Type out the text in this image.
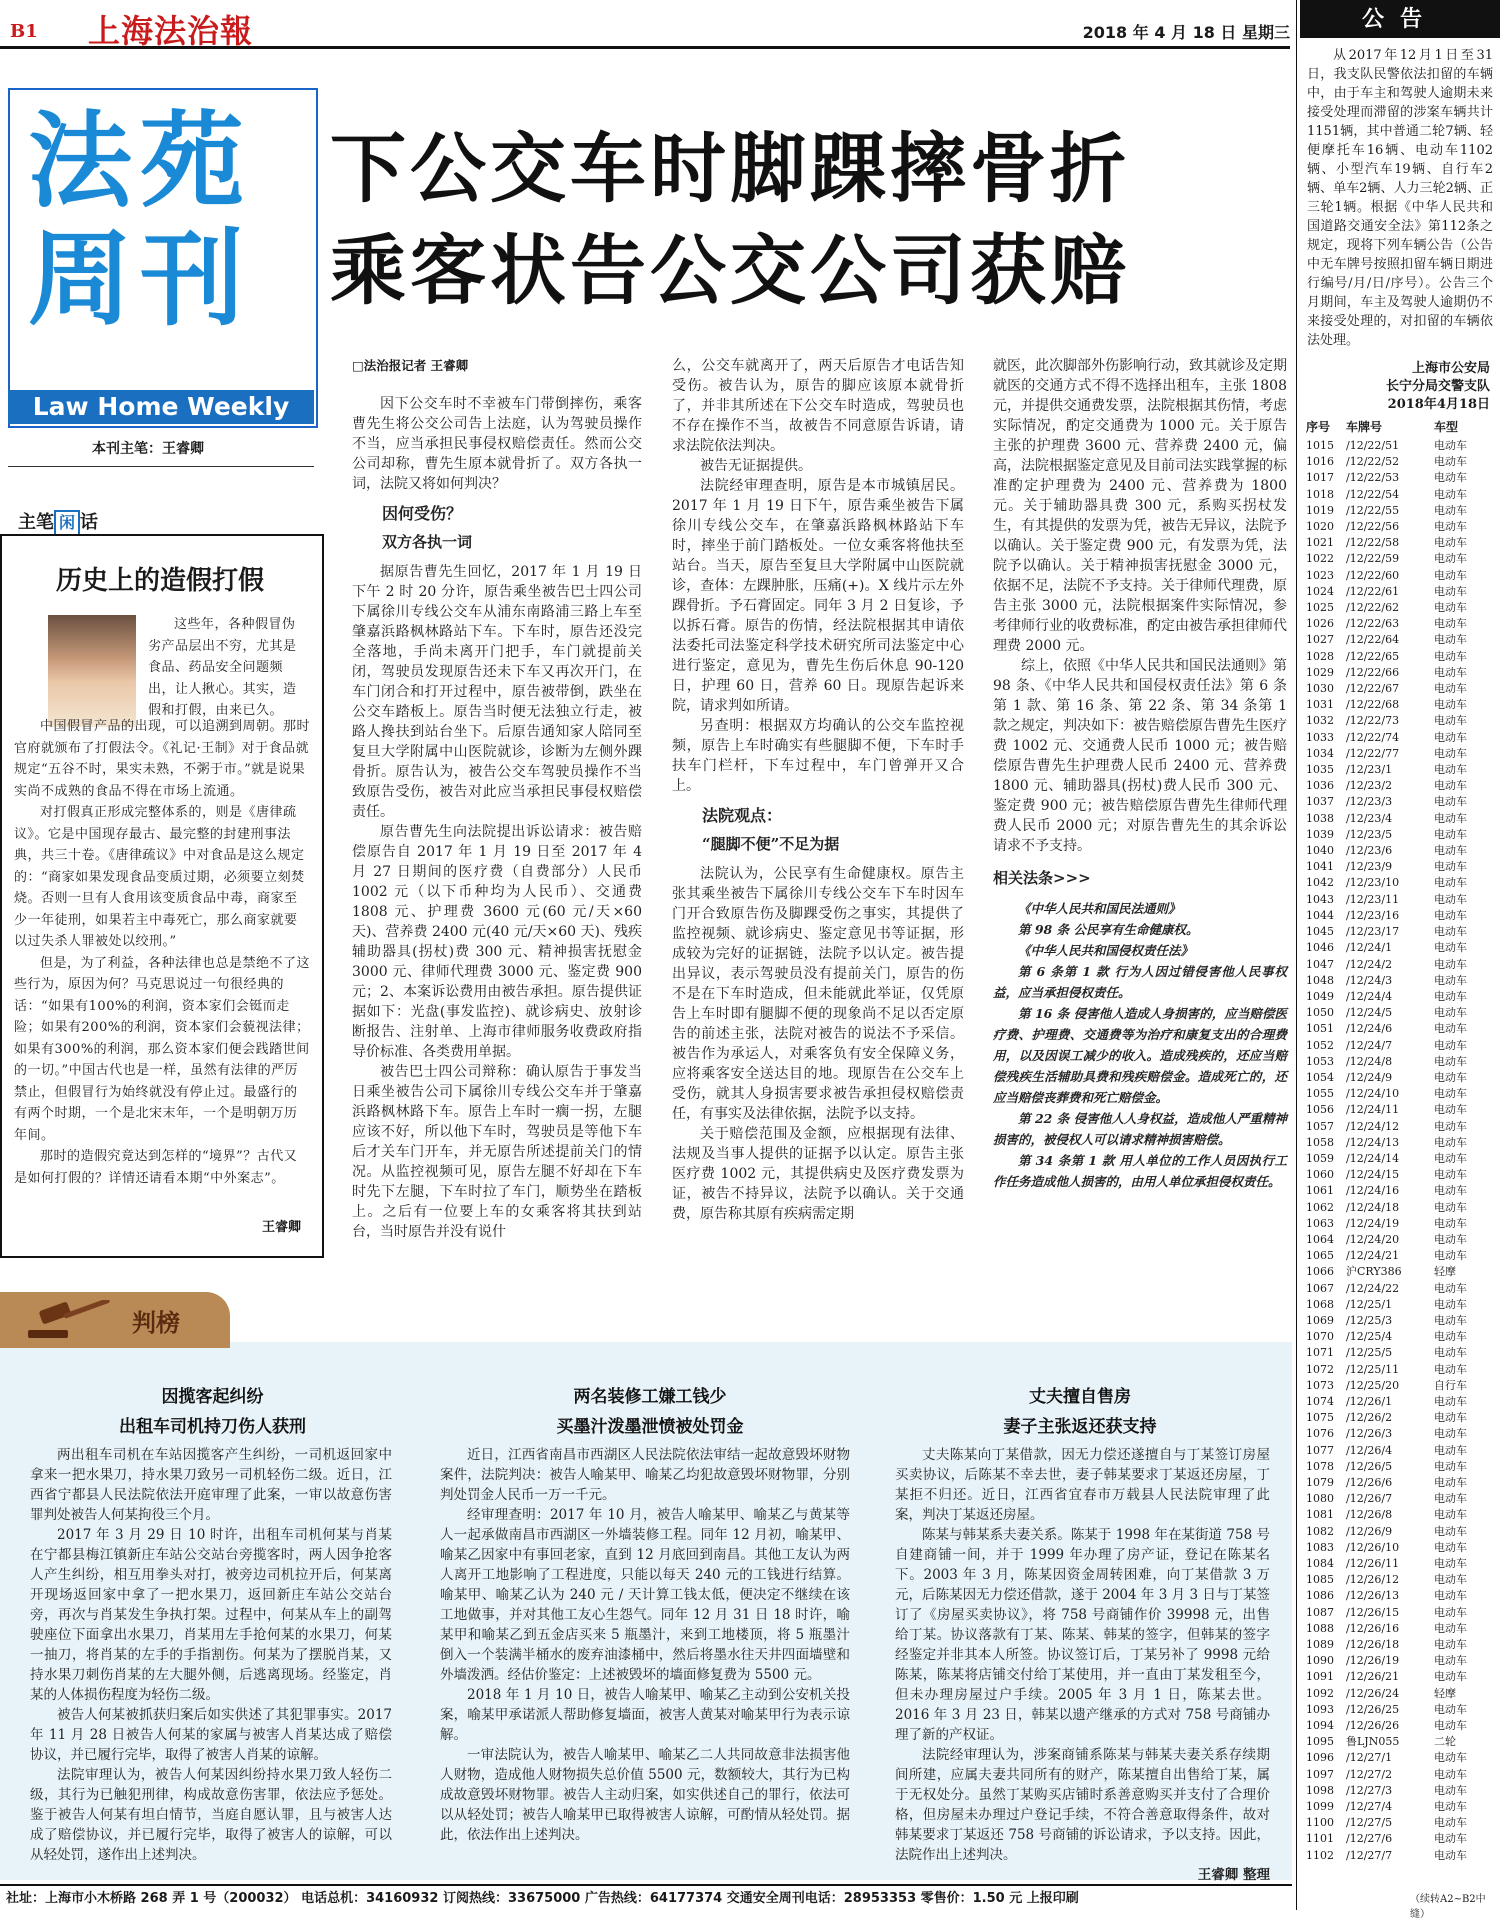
B1 上海法治報	2018 年 4 月 18 日 星期三
法苑
周刊
Law Home Weekly
本刊主笔：王睿卿
下公交车时脚踝摔骨折
乘客状告公交公司获赔
主笔 闲 话
历史上的造假打假
这些年，各种假冒伪劣产品层出不穷，尤其是食品、药品安全问题频出，让人揪心。其实，造假和打假，由来已久。

中国假冒产品的出现，可以追溯到周朝。那时官府就颁布了打假法令。《礼记·王制》对于食品就规定“五谷不时，果实未熟，不粥于市。”就是说果实尚不成熟的食品不得在市场上流通。

对打假真正形成完整体系的，则是《唐律疏议》。它是中国现存最古、最完整的封建刑事法典，共三十卷。《唐律疏议》中对食品是这么规定的：“商家如果发现食品变质过期，必须要立刻焚烧。否则一旦有人食用该变质食品中毒，商家至少一年徒刑，如果若主中毒死亡，那么商家就要以过失杀人罪被处以绞刑。”

但是，为了利益，各种法律也总是禁绝不了这些行为，原因为何？马克思说过一句很经典的话：“如果有100%的利润，资本家们会铤而走险；如果有200%的利润，资本家们会藐视法律；如果有300%的利润，那么资本家们便会践踏世间的一切。”中国古代也是一样，虽然有法律的严厉禁止，但假冒行为始终就没有停止过。最盛行的有两个时期，一个是北宋末年，一个是明朝万历年间。

那时的造假究竟达到怎样的“境界”？古代又是如何打假的？详情还请看本期“中外案志”。

王睿卿
□法治报记者 王睿卿

因下公交车时不幸被车门带倒摔伤，乘客曹先生将公交公司告上法庭，认为驾驶员操作不当，应当承担民事侵权赔偿责任。然而公交公司却称，曹先生原本就骨折了。双方各执一词，法院又将如何判决？

因何受伤？

双方各执一词

据原告曹先生回忆，2017 年 1 月 19 日下午 2 时 20 分许，原告乘坐被告巴士四公司下属徐川专线公交车从浦东南路浦三路上车至肇嘉浜路枫林路站下车。下车时，原告还没完全落地，手尚未离开门把手，车门就提前关闭，驾驶员发现原告还未下车又再次开门，在车门闭合和打开过程中，原告被带倒，跌坐在公交车踏板上。原告当时便无法独立行走，被路人搀扶到站台坐下。后原告通知家人陪同至复旦大学附属中山医院就诊，诊断为左侧外踝骨折。原告认为，被告公交车驾驶员操作不当致原告受伤，被告对此应当承担民事侵权赔偿责任。

原告曹先生向法院提出诉讼请求：被告赔偿原告自 2017 年 1 月 19 日至 2017 年 4 月 27 日期间的医疗费（自费部分）人民币 1002 元（以下币种均为人民币）、交通费 1808 元、护理费 3600 元(60 元/天×60 天)、营养费 2400 元(40 元/天×60 天)、残疾辅助器具(拐杖)费 300 元、精神损害抚慰金 3000 元、律师代理费 3000 元、鉴定费 900 元；2、本案诉讼费用由被告承担。原告提供证据如下：光盘(事发监控)、就诊病史、放射诊断报告、注射单、上海市律师服务收费政府指导价标准、各类费用单据。

被告巴士四公司辩称：确认原告于事发当日乘坐被告公司下属徐川专线公交车并于肇嘉浜路枫林路下车。原告上车时一瘸一拐，左腿应该不好，所以他下车时，驾驶员是等他下车后才关车门开车，并无原告所述提前关门的情况。从监控视频可见，原告左腿不好却在下车时先下左腿，下车时拉了车门，顺势坐在踏板上。之后有一位要上车的女乘客将其扶到站台，当时原告并没有说什

么，公交车就离开了，两天后原告才电话告知受伤。被告认为，原告的脚应该原本就骨折了，并非其所述在下公交车时造成，驾驶员也不存在操作不当，故被告不同意原告诉请，请求法院依法判决。

被告无证据提供。

法院经审理查明，原告是本市城镇居民。2017 年 1 月 19 日下午，原告乘坐被告下属徐川专线公交车，在肇嘉浜路枫林路站下车时，摔坐于前门踏板处。一位女乘客将他扶至站台。当天，原告至复旦大学附属中山医院就诊，查体：左踝肿胀，压痛(+)。X 线片示左外踝骨折。予石膏固定。同年 3 月 2 日复诊，予以拆石膏。原告的伤情，经法院根据其申请依法委托司法鉴定科学技术研究所司法鉴定中心进行鉴定，意见为，曹先生伤后休息 90-120 日，护理 60 日，营养 60 日。现原告起诉来院，请求判如所请。

另查明：根据双方均确认的公交车监控视频，原告上车时确实有些腿脚不便，下车时手扶车门栏杆，下车过程中，车门曾弹开又合上。

法院观点：

“腿脚不便”不足为据

法院认为，公民享有生命健康权。原告主张其乘坐被告下属徐川专线公交车下车时因车门开合致原告伤及脚踝受伤之事实，其提供了监控视频、就诊病史、鉴定意见书等证据，形成较为完好的证据链，法院予以认定。被告提出异议，表示驾驶员没有提前关门，原告的伤不是在下车时造成，但未能就此举证，仅凭原告上车时即有腿脚不便的现象尚不足以否定原告的前述主张，法院对被告的说法不予采信。被告作为承运人，对乘客负有安全保障义务，应将乘客安全送达目的地。现原告在公交车上受伤，就其人身损害要求被告承担侵权赔偿责任，有事实及法律依据，法院予以支持。

关于赔偿范围及金额，应根据现有法律、法规及当事人提供的证据予以认定。原告主张医疗费 1002 元，其提供病史及医疗费发票为证，被告不持异议，法院予以确认。关于交通费，原告称其原有疾病需定期

就医，此次脚部外伤影响行动，致其就诊及定期就医的交通方式不得不选择出租车，主张 1808 元，并提供交通费发票，法院根据其伤情，考虑实际情况，酌定交通费为 1000 元。关于原告主张的护理费 3600 元、营养费 2400 元，偏高，法院根据鉴定意见及目前司法实践掌握的标准酌定护理费为 2400 元、营养费为 1800 元。关于辅助器具费 300 元，系购买拐杖发生，有其提供的发票为凭，被告无异议，法院予以确认。关于鉴定费 900 元，有发票为凭，法院予以确认。关于精神损害抚慰金 3000 元，依据不足，法院不予支持。关于律师代理费，原告主张 3000 元，法院根据案件实际情况，参考律师行业的收费标准，酌定由被告承担律师代理费 2000 元。

综上，依照《中华人民共和国民法通则》第 98 条、《中华人民共和国侵权责任法》第 6 条第 1 款、第 16 条、第 22 条、第 34 条第 1 款之规定，判决如下：被告赔偿原告曹先生医疗费 1002 元、交通费人民币 1000 元；被告赔偿原告曹先生护理费人民币 2400 元、营养费 1800 元、辅助器具(拐杖)费人民币 300 元、鉴定费 900 元；被告赔偿原告曹先生律师代理费人民币 2000 元；对原告曹先生的其余诉讼请求不予支持。

相关法条>>>

《中华人民共和国民法通则》

第 98 条 公民享有生命健康权。

《中华人民共和国侵权责任法》

第 6 条第 1 款 行为人因过错侵害他人民事权益，应当承担侵权责任。

第 16 条 侵害他人造成人身损害的，应当赔偿医疗费、护理费、交通费等为治疗和康复支出的合理费用，以及因误工减少的收入。造成残疾的，还应当赔偿残疾生活辅助具费和残疾赔偿金。造成死亡的，还应当赔偿丧葬费和死亡赔偿金。

第 22 条 侵害他人人身权益，造成他人严重精神损害的，被侵权人可以请求精神损害赔偿。

第 34 条第 1 款 用人单位的工作人员因执行工作任务造成他人损害的，由用人单位承担侵权责任。

公告
从2017年12月1日至31日，我支队民警依法扣留的车辆中，由于车主和驾驶人逾期未来接受处理而滞留的涉案车辆共计1151辆，其中普通二轮7辆、轻便摩托车16辆、电动车1102辆、小型汽车19辆、自行车2辆、单车2辆、人力三轮2辆、正三轮1辆。根据《中华人民共和国道路交通安全法》第112条之规定，现将下列车辆公告（公告中无车牌号按照扣留车辆日期进行编号/月/日/序号）。公告三个月期间，车主及驾驶人逾期仍不来接受处理的，对扣留的车辆依法处理。
上海市公安局
长宁分局交警支队
2018年4月18日
序号	车牌号	车型
1015	/12/22/51	电动车
1016	/12/22/52	电动车
1017	/12/22/53	电动车
1018	/12/22/54	电动车
1019	/12/22/55	电动车
1020	/12/22/56	电动车
1021	/12/22/58	电动车
1022	/12/22/59	电动车
1023	/12/22/60	电动车
1024	/12/22/61	电动车
1025	/12/22/62	电动车
1026	/12/22/63	电动车
1027	/12/22/64	电动车
1028	/12/22/65	电动车
1029	/12/22/66	电动车
1030	/12/22/67	电动车
1031	/12/22/68	电动车
1032	/12/22/73	电动车
1033	/12/22/74	电动车
1034	/12/22/77	电动车
1035	/12/23/1	电动车
1036	/12/23/2	电动车
1037	/12/23/3	电动车
1038	/12/23/4	电动车
1039	/12/23/5	电动车
1040	/12/23/6	电动车
1041	/12/23/9	电动车
1042	/12/23/10	电动车
1043	/12/23/11	电动车
1044	/12/23/16	电动车
1045	/12/23/17	电动车
1046	/12/24/1	电动车
1047	/12/24/2	电动车
1048	/12/24/3	电动车
1049	/12/24/4	电动车
1050	/12/24/5	电动车
1051	/12/24/6	电动车
1052	/12/24/7	电动车
1053	/12/24/8	电动车
1054	/12/24/9	电动车
1055	/12/24/10	电动车
1056	/12/24/11	电动车
1057	/12/24/12	电动车
1058	/12/24/13	电动车
1059	/12/24/14	电动车
1060	/12/24/15	电动车
1061	/12/24/16	电动车
1062	/12/24/18	电动车
1063	/12/24/19	电动车
1064	/12/24/20	电动车
1065	/12/24/21	电动车
1066	沪CRY386	轻摩
1067	/12/24/22	电动车
1068	/12/25/1	电动车
1069	/12/25/3	电动车
1070	/12/25/4	电动车
1071	/12/25/5	电动车
1072	/12/25/11	电动车
1073	/12/25/20	自行车
1074	/12/26/1	电动车
1075	/12/26/2	电动车
1076	/12/26/3	电动车
1077	/12/26/4	电动车
1078	/12/26/5	电动车
1079	/12/26/6	电动车
1080	/12/26/7	电动车
1081	/12/26/8	电动车
1082	/12/26/9	电动车
1083	/12/26/10	电动车
1084	/12/26/11	电动车
1085	/12/26/12	电动车
1086	/12/26/13	电动车
1087	/12/26/15	电动车
1088	/12/26/16	电动车
1089	/12/26/18	电动车
1090	/12/26/19	电动车
1091	/12/26/21	电动车
1092	/12/26/24	轻摩
1093	/12/26/25	电动车
1094	/12/26/26	电动车
1095	鲁LJN055	二轮
1096	/12/27/1	电动车
1097	/12/27/2	电动车
1098	/12/27/3	电动车
1099	/12/27/4	电动车
1100	/12/27/5	电动车
1101	/12/27/6	电动车
1102	/12/27/7	电动车
（续转A2~B2中缝）
判榜
因揽客起纠纷
出租车司机持刀伤人获刑

两出租车司机在车站因揽客产生纠纷，一司机返回家中拿来一把水果刀，持水果刀致另一司机轻伤二级。近日，江西省宁都县人民法院依法开庭审理了此案，一审以故意伤害罪判处被告人何某拘役三个月。

2017 年 3 月 29 日 10 时许，出租车司机何某与肖某在宁都县梅江镇新庄车站公交站台旁揽客时，两人因争抢客人产生纠纷，相互用拳头对打，被旁边司机拉开后，何某离开现场返回家中拿了一把水果刀，返回新庄车站公交站台旁，再次与肖某发生争执打架。过程中，何某从车上的副驾驶座位下面拿出水果刀，肖某用左手抢何某的水果刀，何某一抽刀，将肖某的左手的手指割伤。何某为了摆脱肖某，又持水果刀刺伤肖某的左大腿外侧，后逃离现场。经鉴定，肖某的人体损伤程度为轻伤二级。

被告人何某被抓获归案后如实供述了其犯罪事实。2017 年 11 月 28 日被告人何某的家属与被害人肖某达成了赔偿协议，并已履行完毕，取得了被害人肖某的谅解。

法院审理认为，被告人何某因纠纷持水果刀致人轻伤二级，其行为已触犯刑律，构成故意伤害罪，依法应予惩处。鉴于被告人何某有坦白情节，当庭自愿认罪，且与被害人达成了赔偿协议，并已履行完毕，取得了被害人的谅解，可以从轻处罚，遂作出上述判决。

两名装修工嫌工钱少
买墨汁泼墨泄愤被处罚金

近日，江西省南昌市西湖区人民法院依法审结一起故意毁坏财物案件，法院判决：被告人喻某甲、喻某乙均犯故意毁坏财物罪，分别判处罚金人民币一万一千元。

经审理查明：2017 年 10 月，被告人喻某甲、喻某乙与黄某等人一起承做南昌市西湖区一外墙装修工程。同年 12 月初，喻某甲、喻某乙因家中有事回老家，直到 12 月底回到南昌。其他工友认为两人离开工地影响了工程进度，只能以每天 240 元的工钱进行结算。喻某甲、喻某乙认为 240 元 / 天计算工钱太低，便决定不继续在该工地做事，并对其他工友心生怨气。同年 12 月 31 日 18 时许，喻某甲和喻某乙到五金店买来 5 瓶墨汁，来到工地楼顶，将 5 瓶墨汁倒入一个装满半桶水的废弃油漆桶中，然后将墨水往天井四面墙壁和外墙泼洒。经估价鉴定：上述被毁坏的墙面修复费为 5500 元。

2018 年 1 月 10 日，被告人喻某甲、喻某乙主动到公安机关投案，喻某甲承诺派人帮助修复墙面，被害人黄某对喻某甲行为表示谅解。

一审法院认为，被告人喻某甲、喻某乙二人共同故意非法损害他人财物，造成他人财物损失总价值 5500 元，数额较大，其行为已构成故意毁坏财物罪。被告人主动归案，如实供述自己的罪行，依法可以从轻处罚；被告人喻某甲已取得被害人谅解，可酌情从轻处罚。据此，依法作出上述判决。

丈夫擅自售房
妻子主张返还获支持

丈夫陈某向丁某借款，因无力偿还遂擅自与丁某签订房屋买卖协议，后陈某不幸去世，妻子韩某要求丁某返还房屋，丁某拒不归还。近日，江西省宜春市万载县人民法院审理了此案，判决丁某返还房屋。

陈某与韩某系夫妻关系。陈某于 1998 年在某街道 758 号自建商铺一间，并于 1999 年办理了房产证，登记在陈某名下。2003 年 3 月，陈某因资金周转困难，向丁某借款 3 万元，后陈某因无力偿还借款，遂于 2004 年 3 月 3 日与丁某签订了《房屋买卖协议》，将 758 号商铺作价 39998 元，出售给丁某。协议落款有丁某、陈某、韩某的签字，但韩某的签字经鉴定并非其本人所签。协议签订后，丁某另补了 9998 元给陈某，陈某将店铺交付给丁某使用，并一直由丁某发租至今，但未办理房屋过户手续。2005 年 3 月 1 日，陈某去世。2016 年 3 月 23 日，韩某以遗产继承的方式对 758 号商铺办理了新的产权证。

法院经审理认为，涉案商铺系陈某与韩某夫妻关系存续期间所建，应属夫妻共同所有的财产，陈某擅自出售给丁某，属于无权处分。虽然丁某购买店铺时系善意购买并支付了合理价格，但房屋未办理过户登记手续，不符合善意取得条件，故对韩某要求丁某返还 758 号商铺的诉讼请求，予以支持。因此，法院作出上述判决。

王睿卿 整理

社址：上海市小木桥路 268 弄 1 号（200032） 电话总机：34160932 订阅热线：33675000 广告热线：64177374 交通安全周刊电话：28953353 零售价：1.50 元 上报印刷
